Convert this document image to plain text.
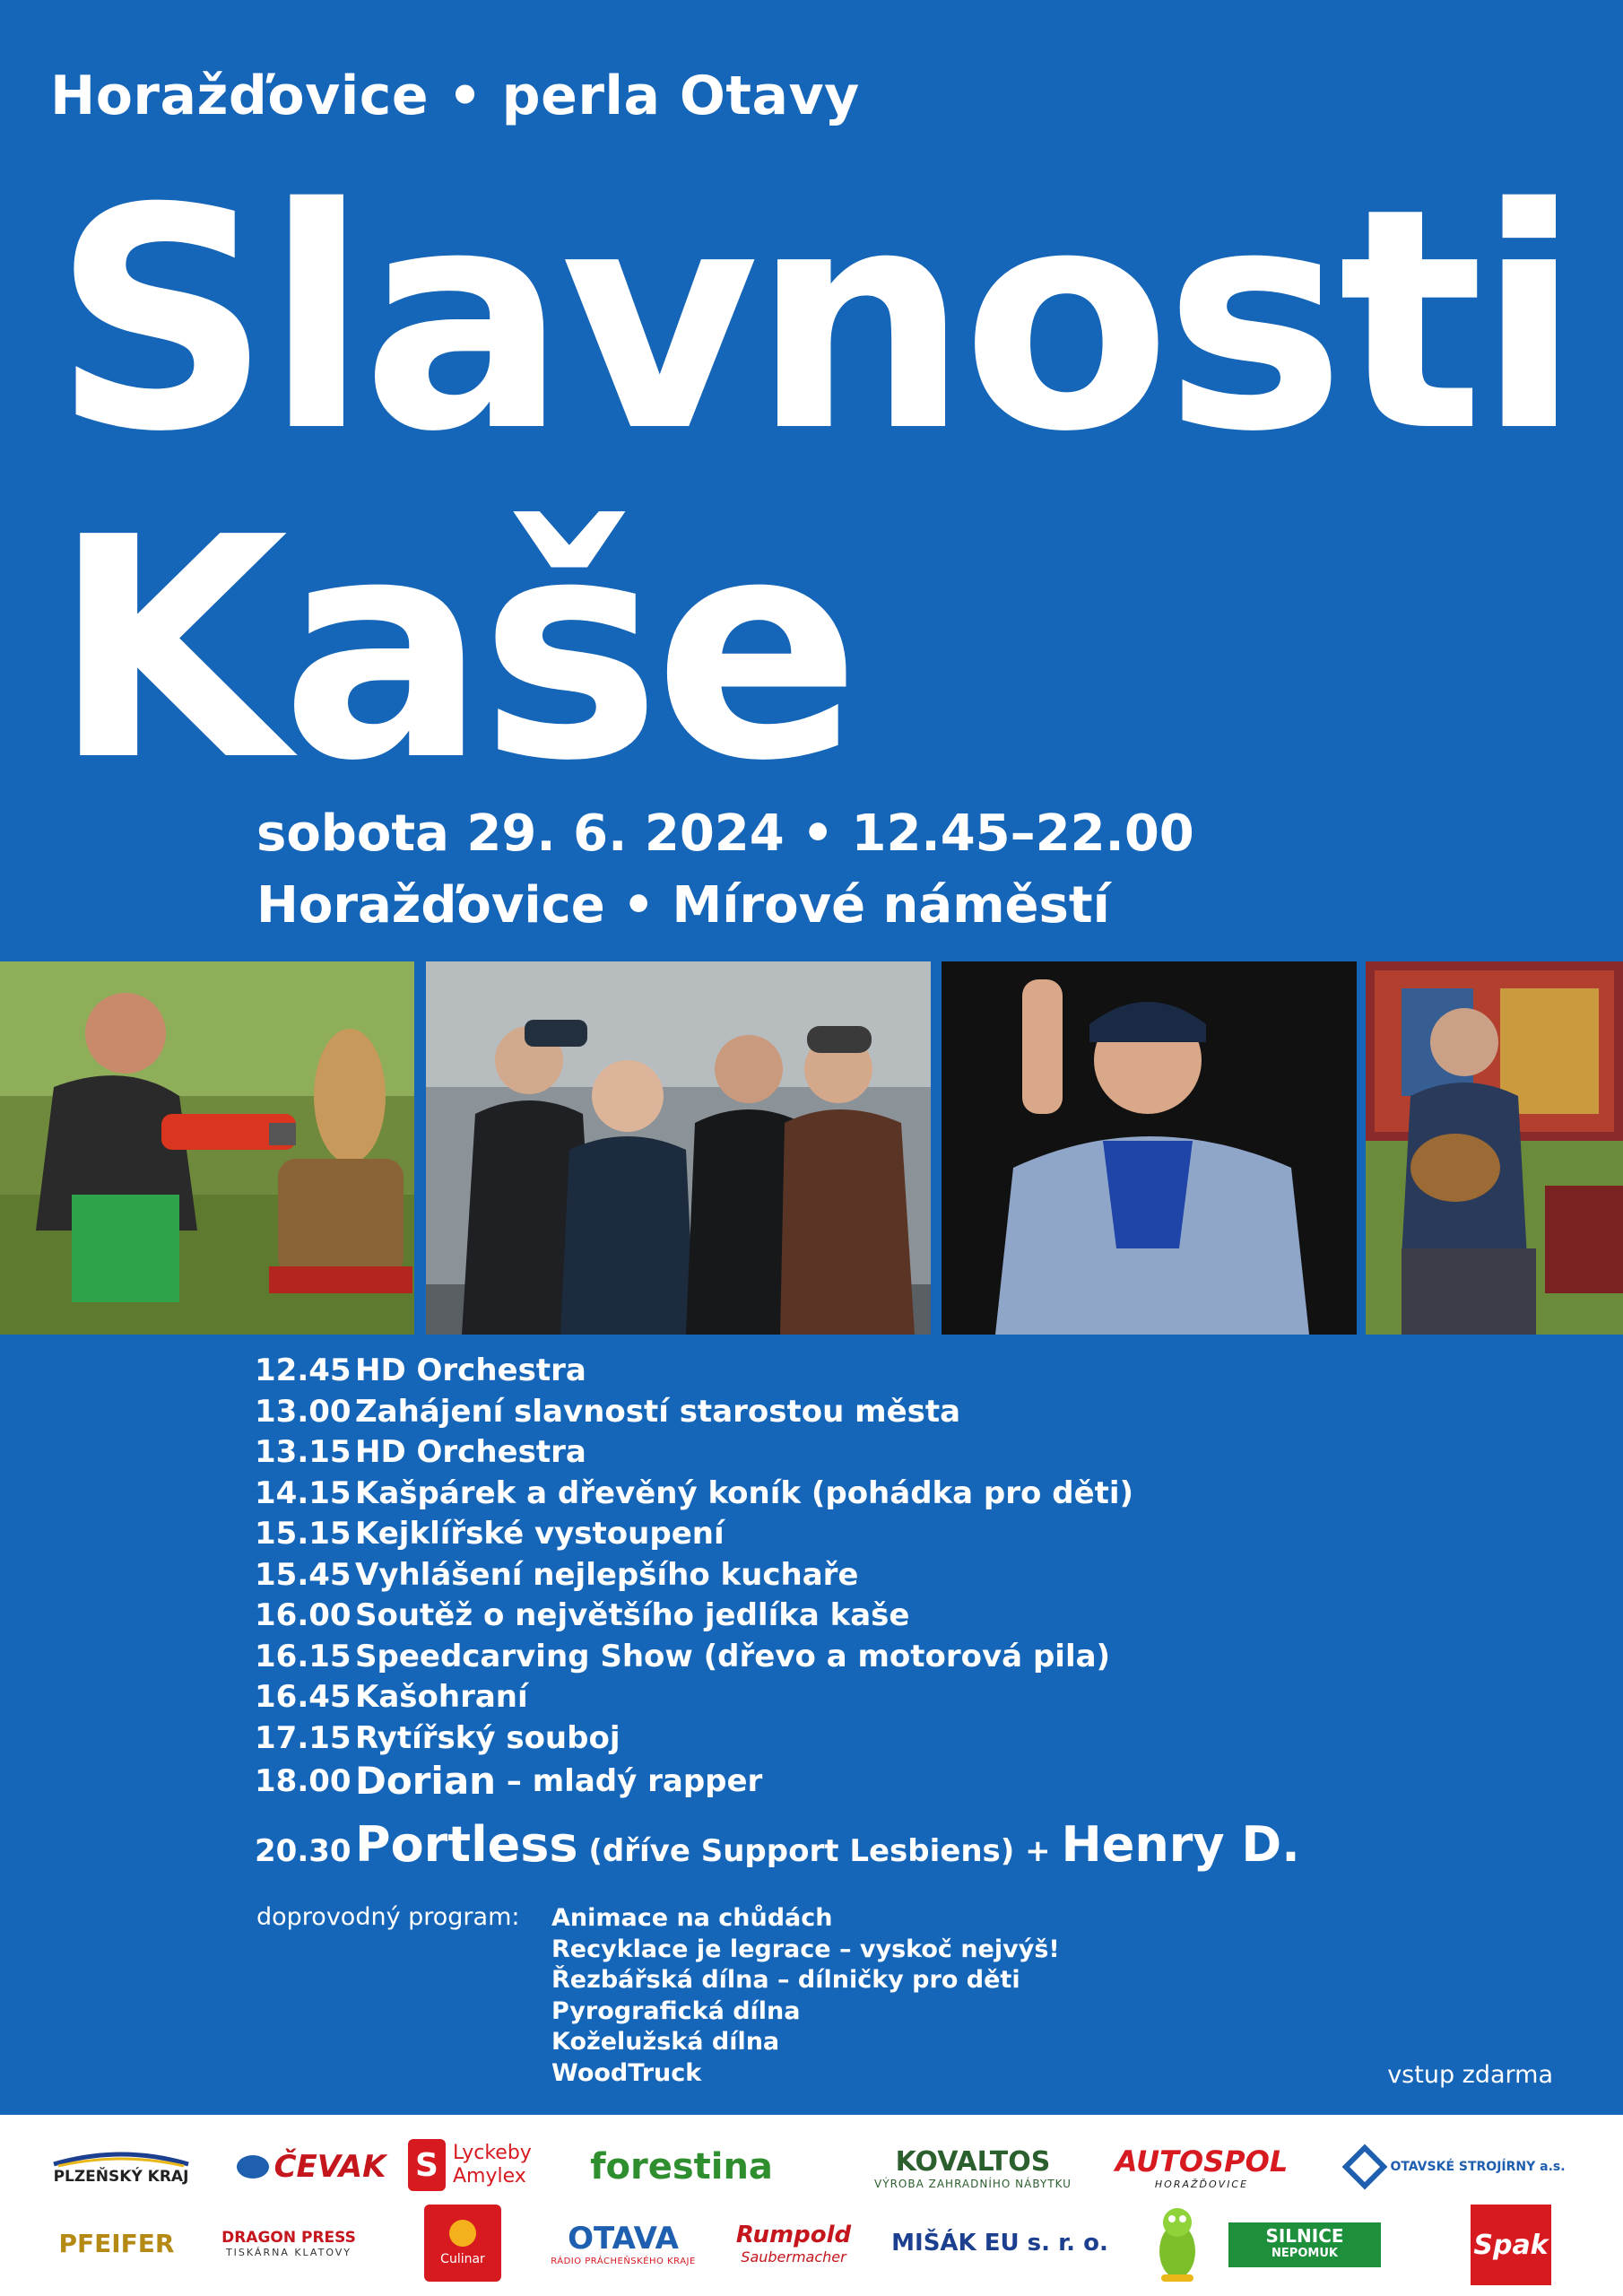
Horažďovice • perla Otavy
Slavnosti
Kaše
sobota 29. 6. 2024 • 12.45–22.00
Horažďovice • Mírové náměstí
12.45 HD Orchestra
13.00 Zahájení slavností starostou města
13.15 HD Orchestra
14.15 Kašpárek a dřevěný koník (pohádka pro děti)
15.15 Kejklířské vystoupení
15.45 Vyhlášení nejlepšího kuchaře
16.00 Soutěž o největšího jedlíka kaše
16.15 Speedcarving Show (dřevo a motorová pila)
16.45 Kašohraní
17.15 Rytířský souboj
18.00 Dorian – mladý rapper
20.30 Portless (dříve Support Lesbiens) + Henry D.
doprovodný program: Animace na chůdách
Recyklace je legrace – vyskoč nejvýš!
Řezbářská dílna – dílničky pro děti
Pyrografická dílna
Koželužská dílna
WoodTruck	vstup zdarma
PLZEŇSKÝ KRAJ	ČEVAK S Lyckeby
Amylex forestina	KOVALTOS
VÝROBA ZAHRADNÍHO NÁBYTKU
AUTOSPOL
HORAŽĎOVICE
OTAVSKÉ STROJÍRNY a.s.
PFEIFER	DRAGON PRESS
TISKÁRNA KLATOVY	Culinar
OTAVA
RÁDIO PRÁCHEŇSKÉHO KRAJE
Rumpold
Saubermacher MIŠÁK EU s. r. o.	SILNICE
NEPOMUK	Spak
